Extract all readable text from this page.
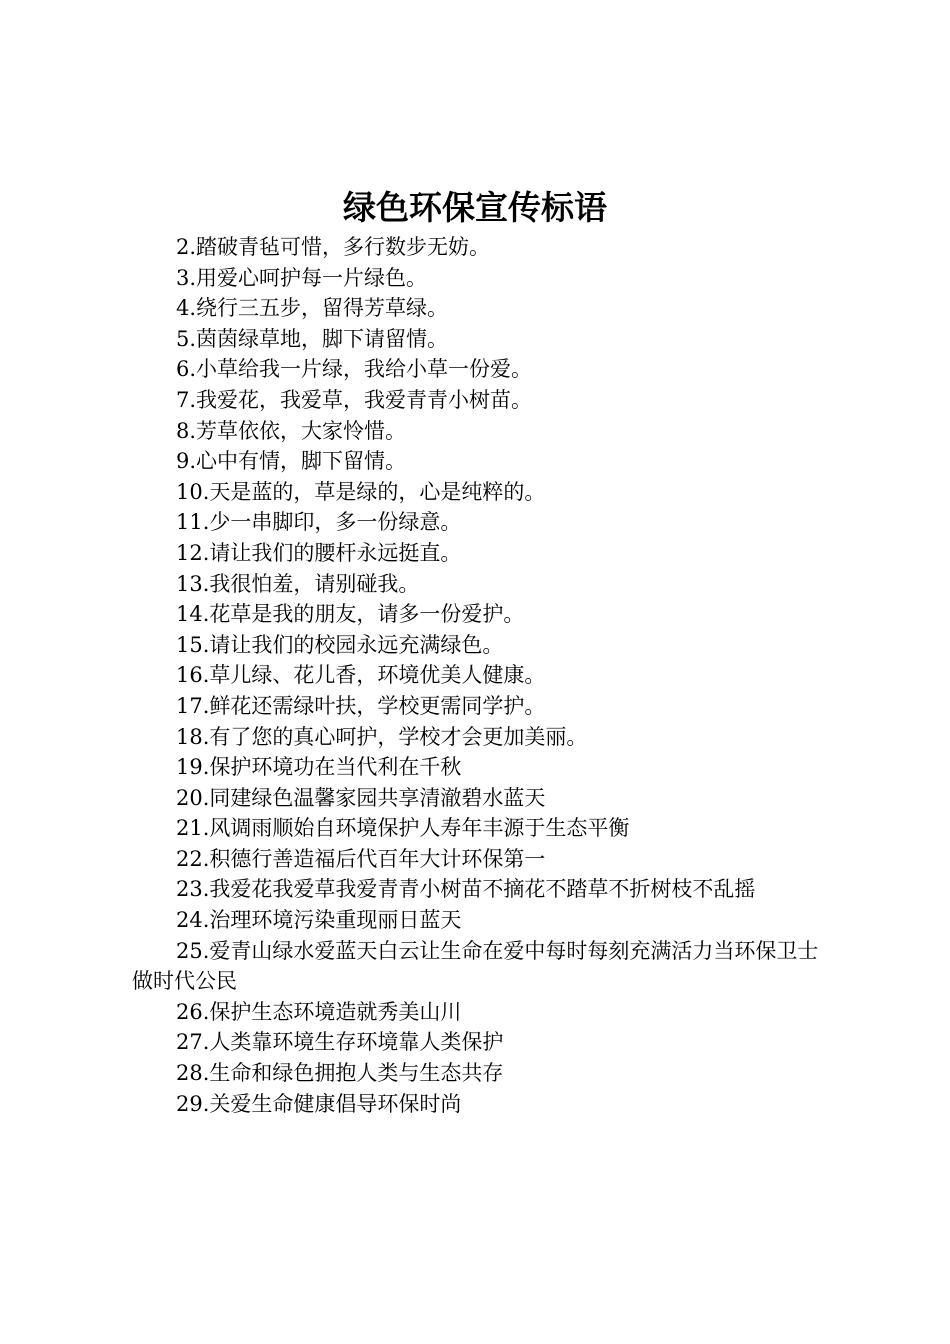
绿色环保宣传标语

2.踏破青毡可惜，多行数步无妨。

3.用爱心呵护每一片绿色。

4.绕行三五步，留得芳草绿。

5.茵茵绿草地，脚下请留情。

6.小草给我一片绿，我给小草一份爱。

7.我爱花，我爱草，我爱青青小树苗。

8.芳草依依，大家怜惜。

9.心中有情，脚下留情。

10.天是蓝的，草是绿的，心是纯粹的。

11.少一串脚印，多一份绿意。

12.请让我们的腰杆永远挺直。

13.我很怕羞，请别碰我。

14.花草是我的朋友，请多一份爱护。

15.请让我们的校园永远充满绿色。

16.草儿绿、花儿香，环境优美人健康。

17.鲜花还需绿叶扶，学校更需同学护。

18.有了您的真心呵护，学校才会更加美丽。

19.保护环境功在当代利在千秋

20.同建绿色温馨家园共享清澈碧水蓝天

21.风调雨顺始自环境保护人寿年丰源于生态平衡

22.积德行善造福后代百年大计环保第一

23.我爱花我爱草我爱青青小树苗不摘花不踏草不折树枝不乱摇

24.治理环境污染重现丽日蓝天

25.爱青山绿水爱蓝天白云让生命在爱中每时每刻充满活力当环保卫士做时代公民

26.保护生态环境造就秀美山川

27.人类靠环境生存环境靠人类保护

28.生命和绿色拥抱人类与生态共存

29.关爱生命健康倡导环保时尚
